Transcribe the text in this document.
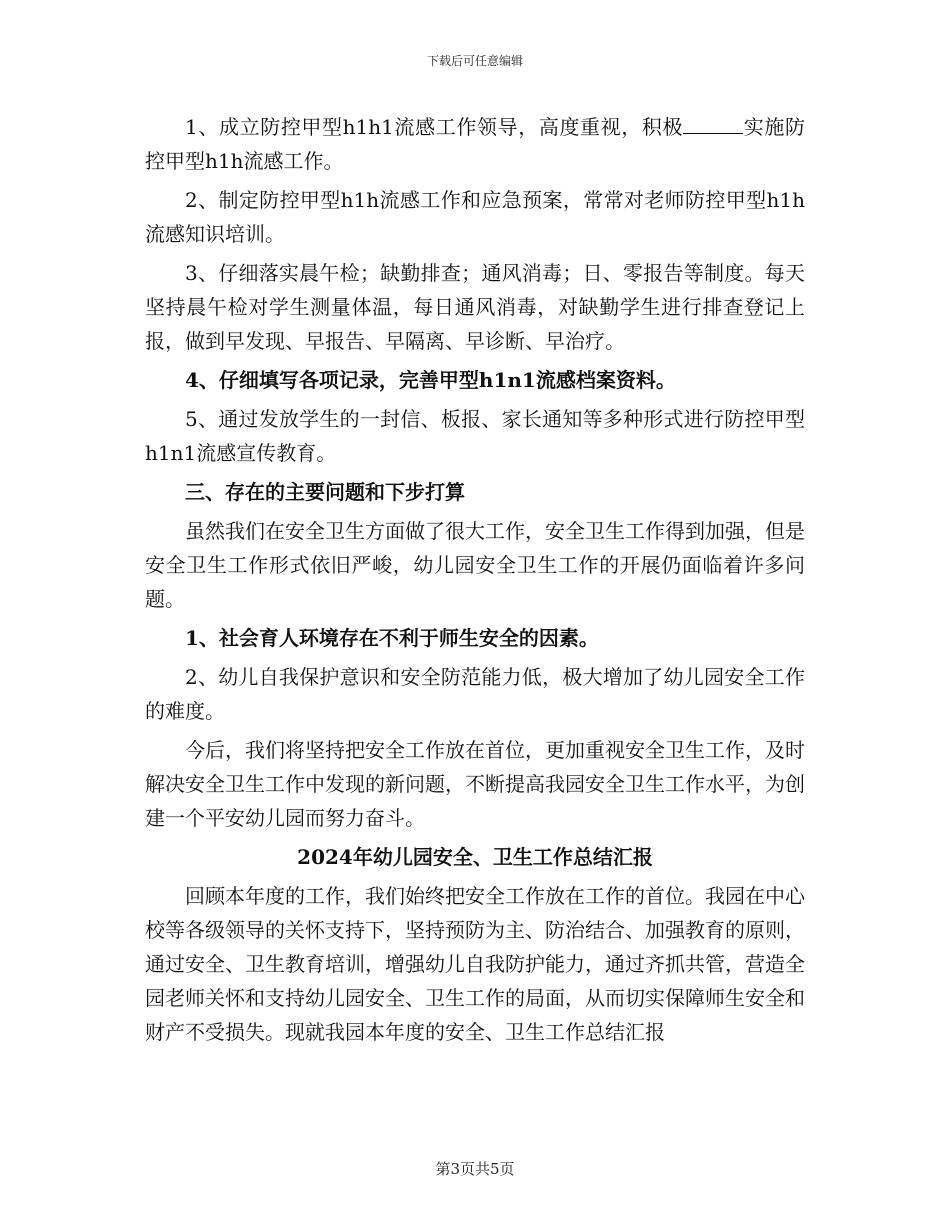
下载后可任意编辑

1、成立防控甲型h1h1流感工作领导，高度重视，积极	实施防控甲型h1h流感工作。

2、制定防控甲型h1h流感工作和应急预案，常常对老师防控甲型h1h流感知识培训。

3、仔细落实晨午检；缺勤排查；通风消毒；日、零报告等制度。每天坚持晨午检对学生测量体温，每日通风消毒，对缺勤学生进行排查登记上报，做到早发现、早报告、早隔离、早诊断、早治疗。

4、仔细填写各项记录，完善甲型h1n1流感档案资料。

5、通过发放学生的一封信、板报、家长通知等多种形式进行防控甲型h1n1流感宣传教育。

三、存在的主要问题和下步打算

虽然我们在安全卫生方面做了很大工作，安全卫生工作得到加强，但是安全卫生工作形式依旧严峻，幼儿园安全卫生工作的开展仍面临着许多问题。

1、社会育人环境存在不利于师生安全的因素。

2、幼儿自我保护意识和安全防范能力低，极大增加了幼儿园安全工作的难度。

今后，我们将坚持把安全工作放在首位，更加重视安全卫生工作，及时解决安全卫生工作中发现的新问题，不断提高我园安全卫生工作水平，为创建一个平安幼儿园而努力奋斗。

2024年幼儿园安全、卫生工作总结汇报

回顾本年度的工作，我们始终把安全工作放在工作的首位。我园在中心校等各级领导的关怀支持下，坚持预防为主、防治结合、加强教育的原则，通过安全、卫生教育培训，增强幼儿自我防护能力，通过齐抓共管，营造全园老师关怀和支持幼儿园安全、卫生工作的局面，从而切实保障师生安全和财产不受损失。现就我园本年度的安全、卫生工作总结汇报

第3页共5页
